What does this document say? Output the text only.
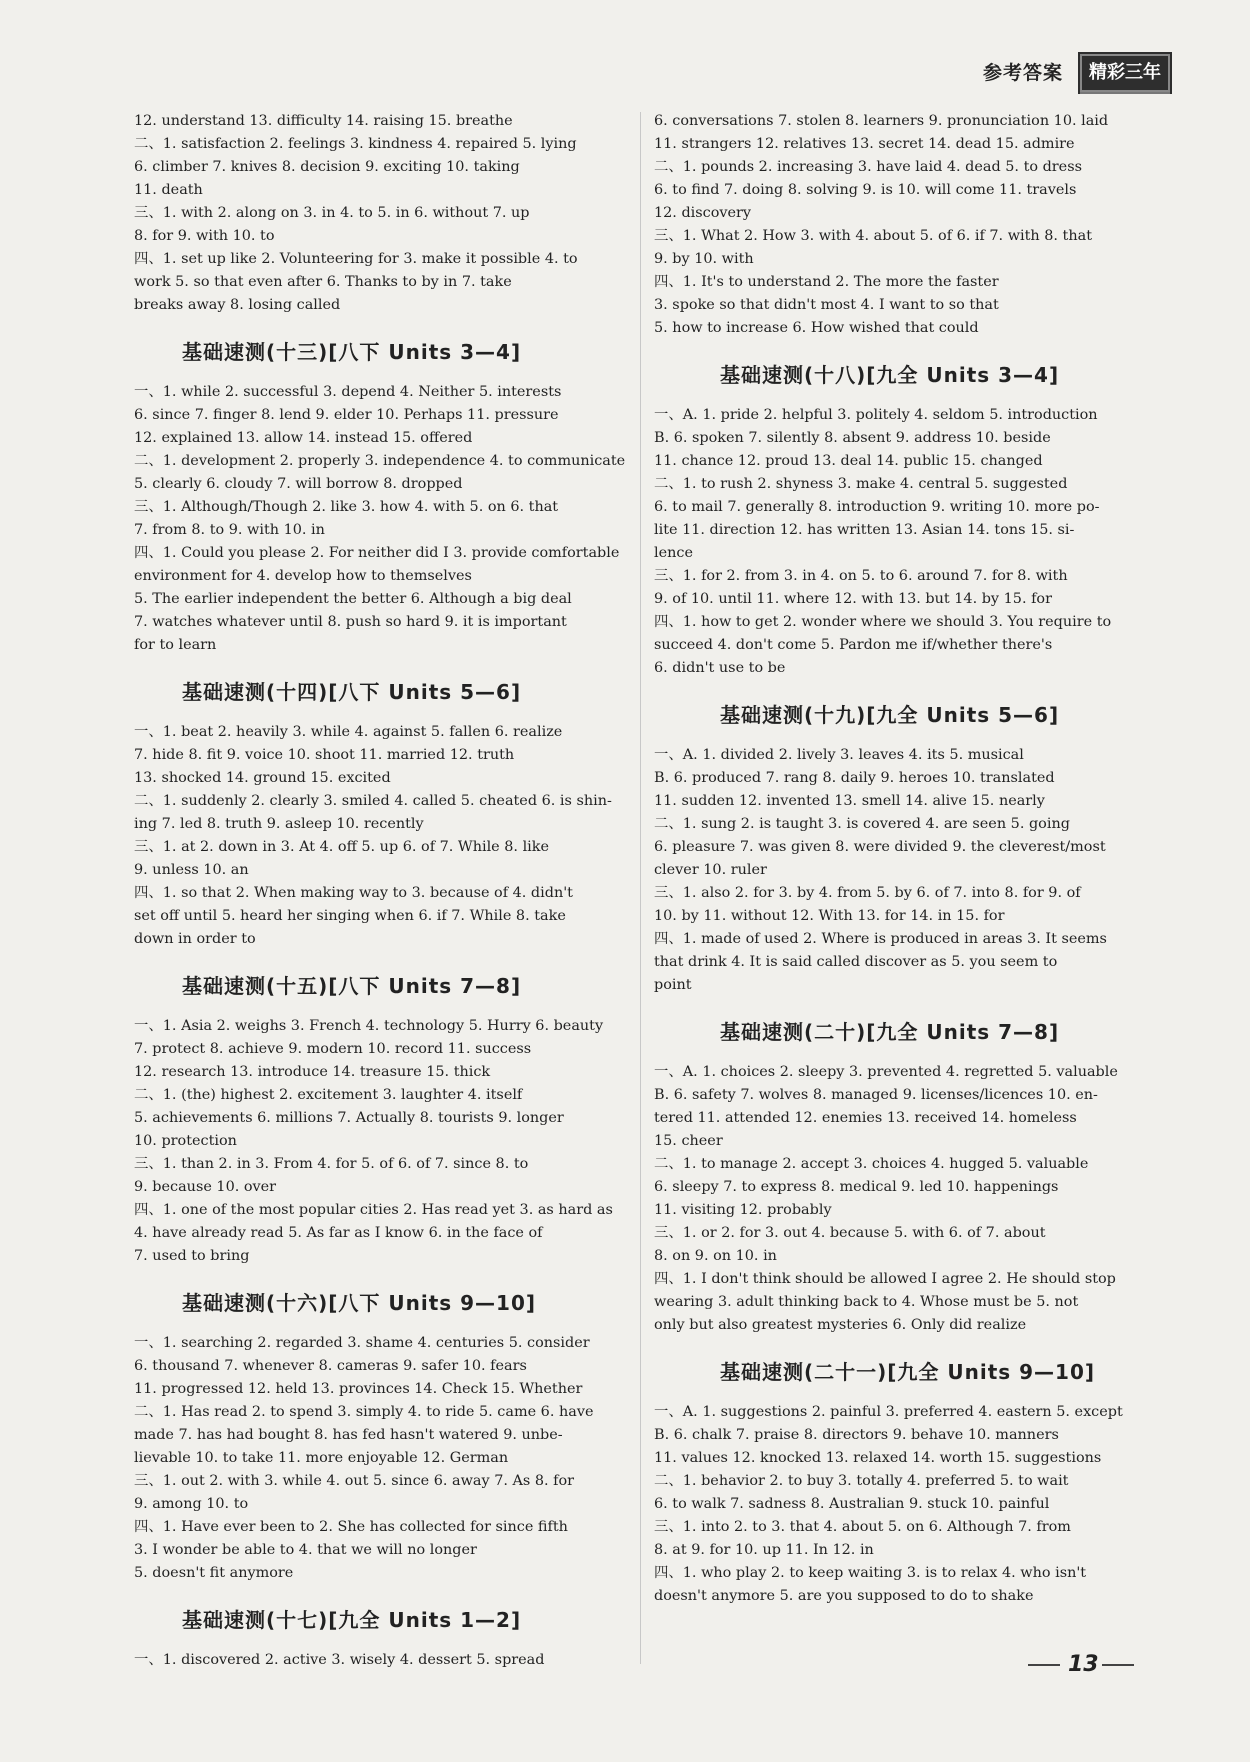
参考答案	精彩三年
12. understand 13. difficulty 14. raising 15. breathe
二、1. satisfaction 2. feelings 3. kindness 4. repaired 5. lying
6. climber 7. knives 8. decision 9. exciting 10. taking
11. death
三、1. with 2. along on 3. in 4. to 5. in 6. without 7. up
8. for 9. with 10. to
四、1. set up like 2. Volunteering for 3. make it possible 4. to
work 5. so that even after 6. Thanks to by in 7. take
breaks away 8. losing called
基础速测(十三)[八下 Units 3—4]
一、1. while 2. successful 3. depend 4. Neither 5. interests
6. since 7. finger 8. lend 9. elder 10. Perhaps 11. pressure
12. explained 13. allow 14. instead 15. offered
二、1. development 2. properly 3. independence 4. to communicate
5. clearly 6. cloudy 7. will borrow 8. dropped
三、1. Although/Though 2. like 3. how 4. with 5. on 6. that
7. from 8. to 9. with 10. in
四、1. Could you please 2. For neither did I 3. provide comfortable
environment for 4. develop how to themselves
5. The earlier independent the better 6. Although a big deal
7. watches whatever until 8. push so hard 9. it is important
for to learn
基础速测(十四)[八下 Units 5—6]
一、1. beat 2. heavily 3. while 4. against 5. fallen 6. realize
7. hide 8. fit 9. voice 10. shoot 11. married 12. truth
13. shocked 14. ground 15. excited
二、1. suddenly 2. clearly 3. smiled 4. called 5. cheated 6. is shin-
ing 7. led 8. truth 9. asleep 10. recently
三、1. at 2. down in 3. At 4. off 5. up 6. of 7. While 8. like
9. unless 10. an
四、1. so that 2. When making way to 3. because of 4. didn't
set off until 5. heard her singing when 6. if 7. While 8. take
down in order to
基础速测(十五)[八下 Units 7—8]
一、1. Asia 2. weighs 3. French 4. technology 5. Hurry 6. beauty
7. protect 8. achieve 9. modern 10. record 11. success
12. research 13. introduce 14. treasure 15. thick
二、1. (the) highest 2. excitement 3. laughter 4. itself
5. achievements 6. millions 7. Actually 8. tourists 9. longer
10. protection
三、1. than 2. in 3. From 4. for 5. of 6. of 7. since 8. to
9. because 10. over
四、1. one of the most popular cities 2. Has read yet 3. as hard as
4. have already read 5. As far as I know 6. in the face of
7. used to bring
基础速测(十六)[八下 Units 9—10]
一、1. searching 2. regarded 3. shame 4. centuries 5. consider
6. thousand 7. whenever 8. cameras 9. safer 10. fears
11. progressed 12. held 13. provinces 14. Check 15. Whether
二、1. Has read 2. to spend 3. simply 4. to ride 5. came 6. have
made 7. has had bought 8. has fed hasn't watered 9. unbe-
lievable 10. to take 11. more enjoyable 12. German
三、1. out 2. with 3. while 4. out 5. since 6. away 7. As 8. for
9. among 10. to
四、1. Have ever been to 2. She has collected for since fifth
3. I wonder be able to 4. that we will no longer
5. doesn't fit anymore
基础速测(十七)[九全 Units 1—2]
一、1. discovered 2. active 3. wisely 4. dessert 5. spread
6. conversations 7. stolen 8. learners 9. pronunciation 10. laid
11. strangers 12. relatives 13. secret 14. dead 15. admire
二、1. pounds 2. increasing 3. have laid 4. dead 5. to dress
6. to find 7. doing 8. solving 9. is 10. will come 11. travels
12. discovery
三、1. What 2. How 3. with 4. about 5. of 6. if 7. with 8. that
9. by 10. with
四、1. It's to understand 2. The more the faster
3. spoke so that didn't most 4. I want to so that
5. how to increase 6. How wished that could
基础速测(十八)[九全 Units 3—4]
一、A. 1. pride 2. helpful 3. politely 4. seldom 5. introduction
B. 6. spoken 7. silently 8. absent 9. address 10. beside
11. chance 12. proud 13. deal 14. public 15. changed
二、1. to rush 2. shyness 3. make 4. central 5. suggested
6. to mail 7. generally 8. introduction 9. writing 10. more po-
lite 11. direction 12. has written 13. Asian 14. tons 15. si-
lence
三、1. for 2. from 3. in 4. on 5. to 6. around 7. for 8. with
9. of 10. until 11. where 12. with 13. but 14. by 15. for
四、1. how to get 2. wonder where we should 3. You require to
succeed 4. don't come 5. Pardon me if/whether there's
6. didn't use to be
基础速测(十九)[九全 Units 5—6]
一、A. 1. divided 2. lively 3. leaves 4. its 5. musical
B. 6. produced 7. rang 8. daily 9. heroes 10. translated
11. sudden 12. invented 13. smell 14. alive 15. nearly
二、1. sung 2. is taught 3. is covered 4. are seen 5. going
6. pleasure 7. was given 8. were divided 9. the cleverest/most
clever 10. ruler
三、1. also 2. for 3. by 4. from 5. by 6. of 7. into 8. for 9. of
10. by 11. without 12. With 13. for 14. in 15. for
四、1. made of used 2. Where is produced in areas 3. It seems
that drink 4. It is said called discover as 5. you seem to
point
基础速测(二十)[九全 Units 7—8]
一、A. 1. choices 2. sleepy 3. prevented 4. regretted 5. valuable
B. 6. safety 7. wolves 8. managed 9. licenses/licences 10. en-
tered 11. attended 12. enemies 13. received 14. homeless
15. cheer
二、1. to manage 2. accept 3. choices 4. hugged 5. valuable
6. sleepy 7. to express 8. medical 9. led 10. happenings
11. visiting 12. probably
三、1. or 2. for 3. out 4. because 5. with 6. of 7. about
8. on 9. on 10. in
四、1. I don't think should be allowed I agree 2. He should stop
wearing 3. adult thinking back to 4. Whose must be 5. not
only but also greatest mysteries 6. Only did realize
基础速测(二十一)[九全 Units 9—10]
一、A. 1. suggestions 2. painful 3. preferred 4. eastern 5. except
B. 6. chalk 7. praise 8. directors 9. behave 10. manners
11. values 12. knocked 13. relaxed 14. worth 15. suggestions
二、1. behavior 2. to buy 3. totally 4. preferred 5. to wait
6. to walk 7. sadness 8. Australian 9. stuck 10. painful
三、1. into 2. to 3. that 4. about 5. on 6. Although 7. from
8. at 9. for 10. up 11. In 12. in
四、1. who play 2. to keep waiting 3. is to relax 4. who isn't
doesn't anymore 5. are you supposed to do to shake
13
